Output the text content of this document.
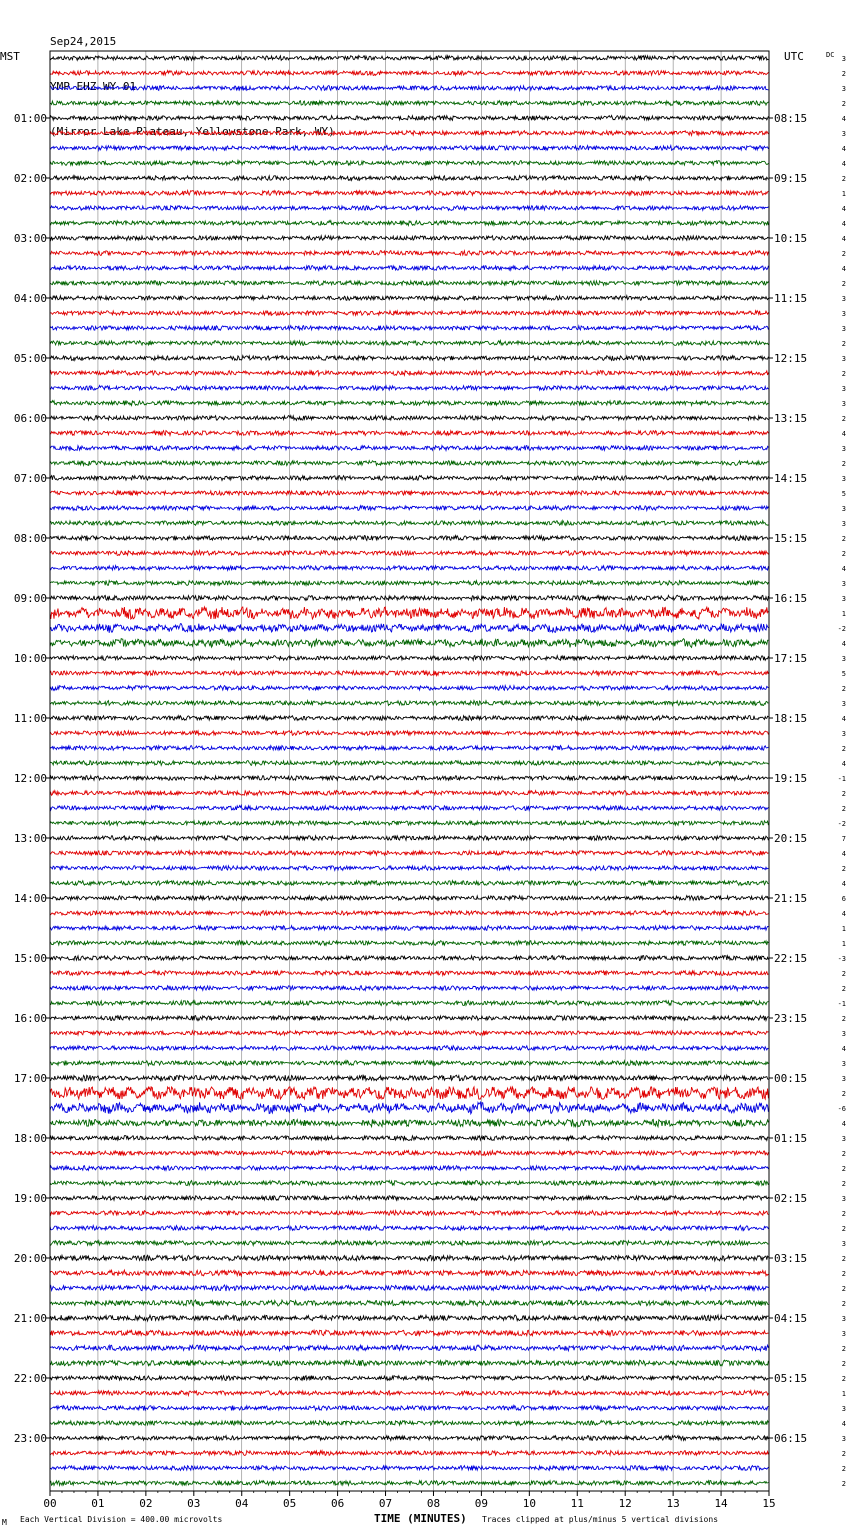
Sep24,2015

YMP EHZ WY 01

(Mirror Lake Plateau, Yellowstone Park, WY)

MST	UTC	DC
00	01	02	03	04	05	06	07	08	09	10	11	12	13	14	15
3
2
3
2
4
3
4
4
2
1
4
4
4
2
4
2
3
3
3
2
3
2
3
3
2
4
3
2
3
5
3
3
2
2
4
3
3
1
-2
4
3
5
2
3
4
3
2
4
-1
2
2
-2
7
4
2
4
6
4
1
1
-3
2
2
-1
2
3
4
3
3
2
-6
4
3
2
2
2
3
2
2
3
2
2
2
2
3
3
2
2
2
1
3
4
3
2
2
2
01:00
02:00
03:00
04:00
05:00
06:00
07:00
08:00
09:00
10:00
11:00
12:00
13:00
14:00
15:00
16:00
17:00
18:00
19:00
20:00
21:00
22:00
23:00
08:15
09:15
10:15
11:15
12:15
13:15
14:15
15:15
16:15
17:15
18:15
19:15
20:15
21:15
22:15
23:15
00:15
01:15
02:15
03:15
04:15
05:15
06:15
M Each Vertical Division = 400.00 microvolts	TIME (MINUTES) Traces clipped at plus/minus 5 vertical divisions
